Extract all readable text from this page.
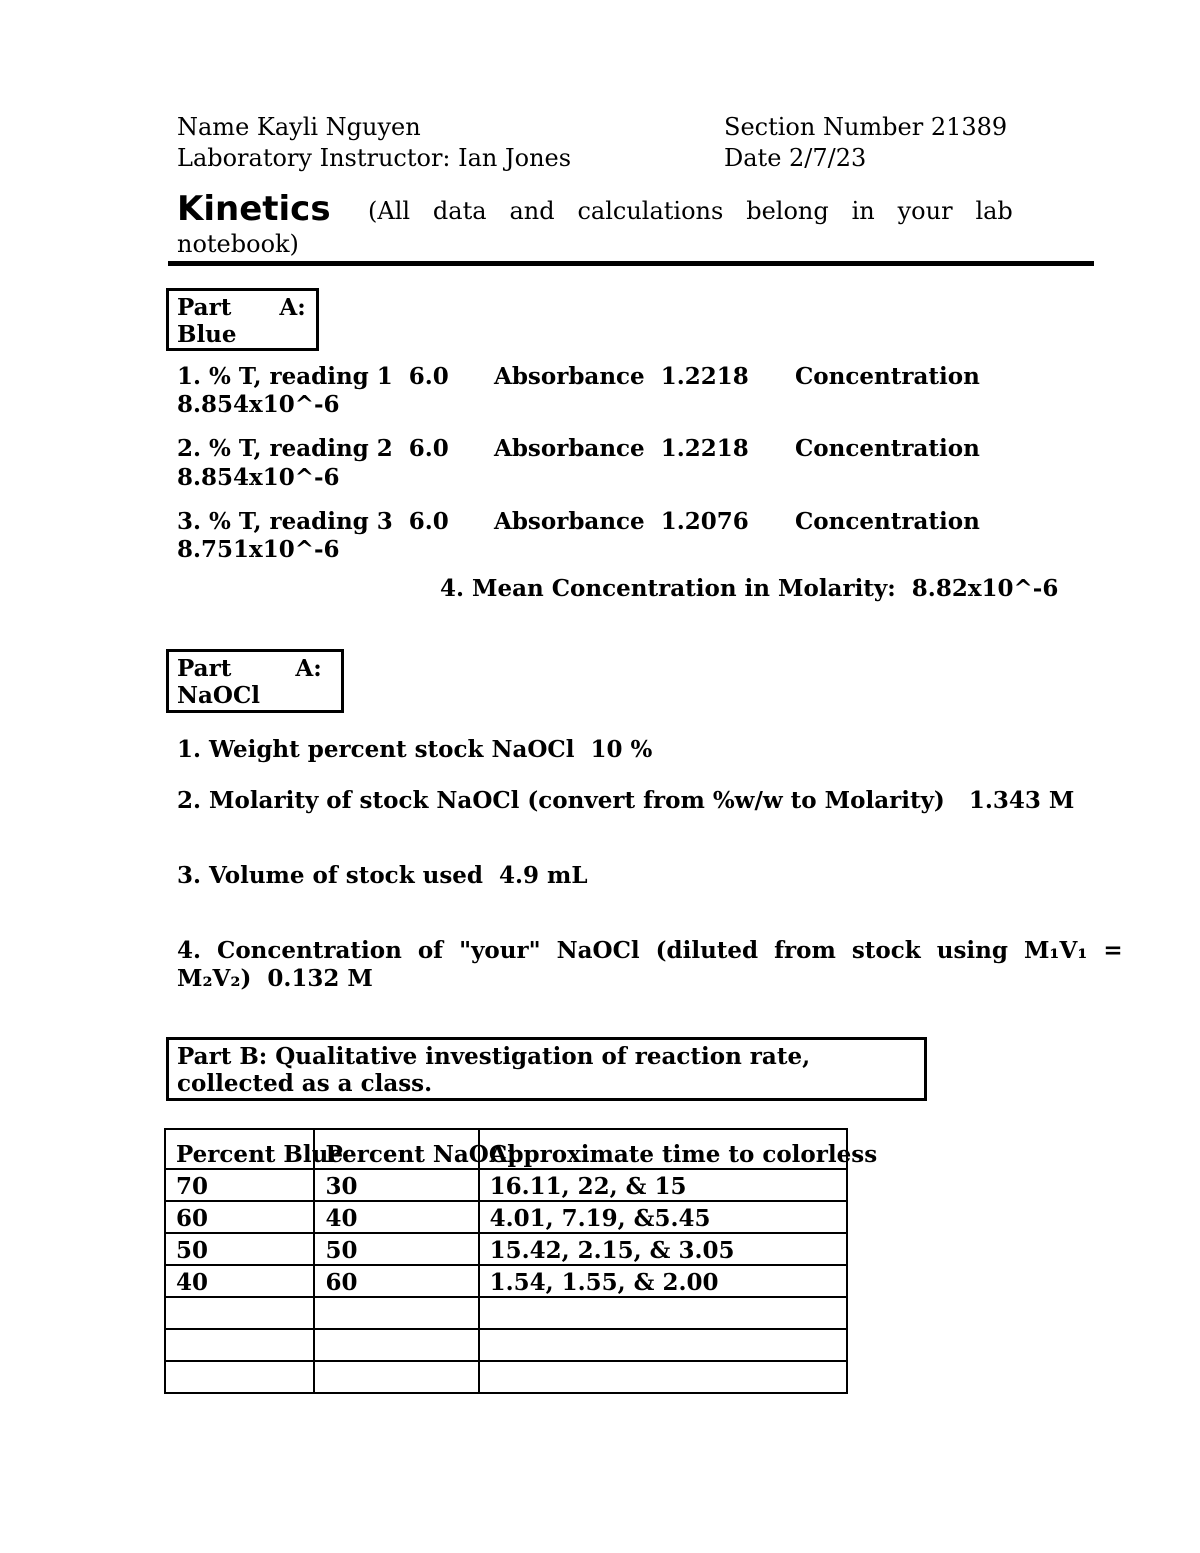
Name Kayli Nguyen	Section Number 21389
Laboratory Instructor: Ian Jones	Date 2/7/23
Kinetics (All   data   and   calculations   belong   in   your   lab
notebook)
Part      A:
Blue
1. % T, reading 1  6.0 Absorbance  1.2218 Concentration
8.854x10^-6
2. % T, reading 2  6.0 Absorbance  1.2218 Concentration
8.854x10^-6
3. % T, reading 3  6.0 Absorbance  1.2076 Concentration
8.751x10^-6
4. Mean Concentration in Molarity:  8.82x10^-6
Part        A:
NaOCl
1. Weight percent stock NaOCl  10 %
2. Molarity of stock NaOCl (convert from %w/w to Molarity)   1.343 M
3. Volume of stock used  4.9 mL
4.  Concentration  of  "your"  NaOCl  (diluted  from  stock  using  M₁V₁  =
M₂V₂)  0.132 M
Part B: Qualitative investigation of reaction rate,
collected as a class.
Percent Blue	Percent NaOCl	Approximate time to colorless
70	30	16.11, 22, & 15
60	40	4.01, 7.19, &5.45
50	50	15.42, 2.15, & 3.05
40	60	1.54, 1.55, & 2.00
